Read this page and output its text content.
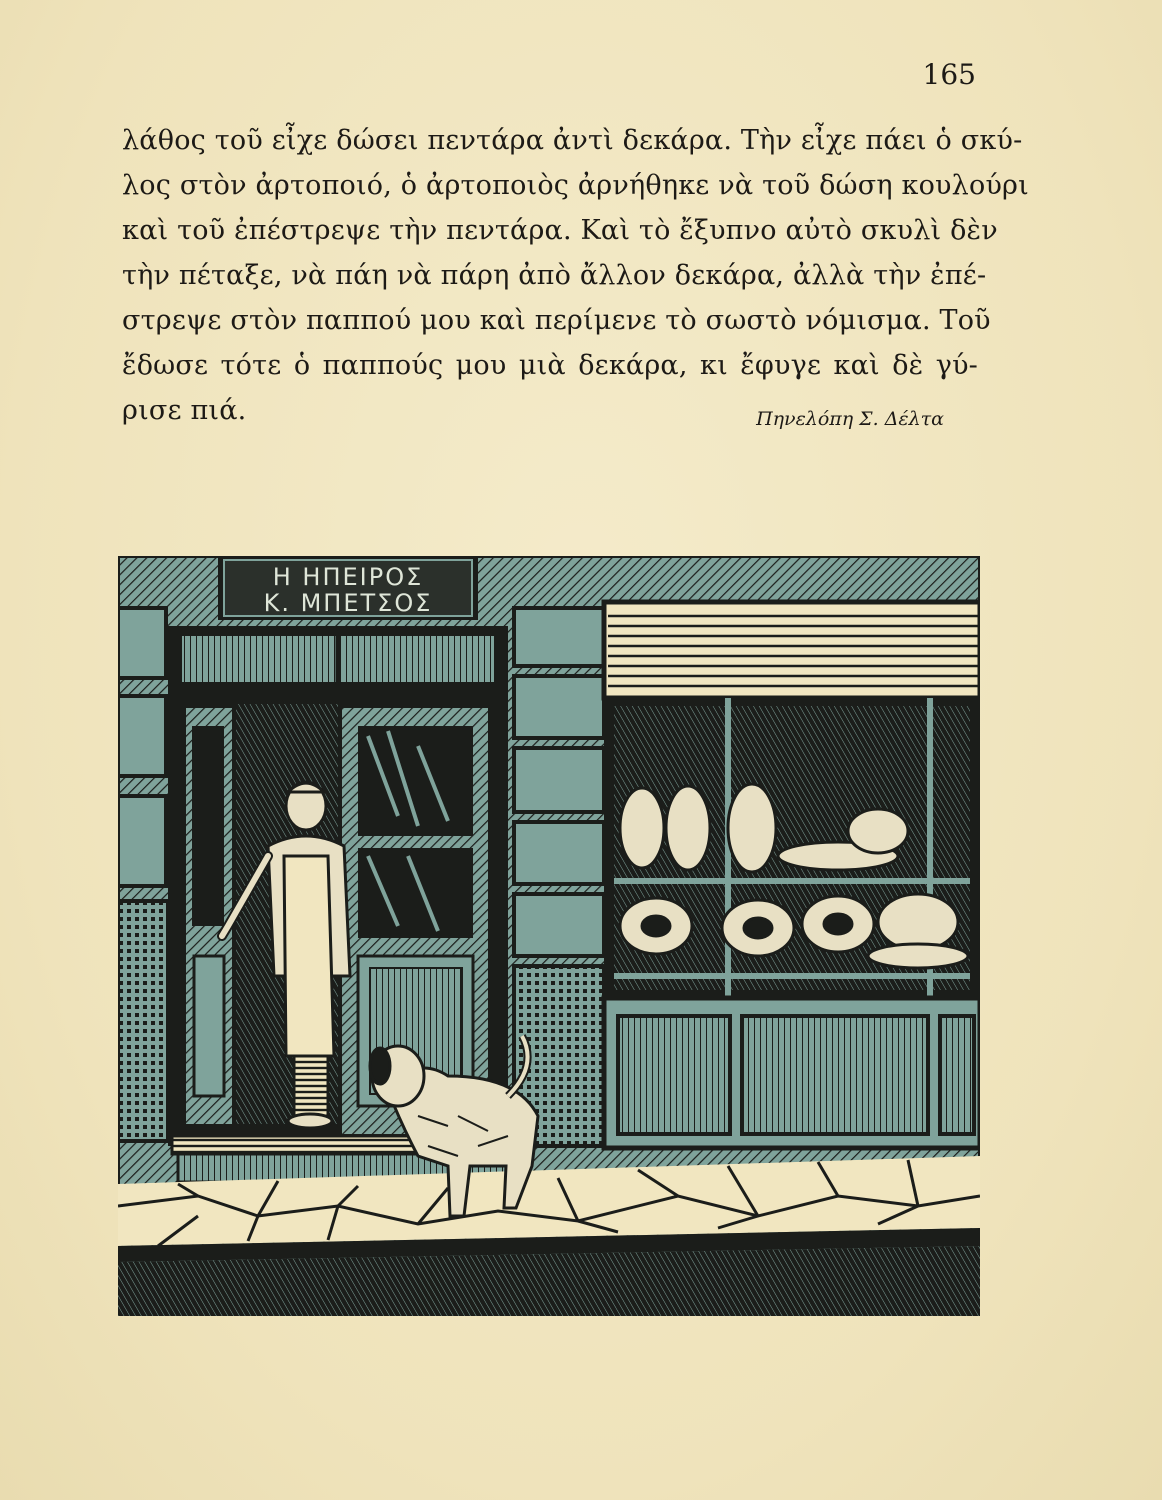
165
λάθος τοῦ εἶχε δώσει πεντάρα ἀντὶ δεκάρα. Τὴν εἶχε πάει ὁ σκύ-
λος στὸν ἀρτοποιό, ὁ ἀρτοποιὸς ἀρνήθηκε νὰ τοῦ δώση κουλούρι
καὶ τοῦ ἐπέστρεψε τὴν πεντάρα. Καὶ τὸ ἔξυπνο αὐτὸ σκυλὶ δὲν
τὴν πέταξε, νὰ πάη νὰ πάρη ἀπὸ ἄλλον δεκάρα, ἀλλὰ τὴν ἐπέ-
στρεψε στὸν παππού μου καὶ περίμενε τὸ σωστὸ νόμισμα. Τοῦ
ἔδωσε τότε ὁ παππούς μου μιὰ δεκάρα, κι ἔφυγε καὶ δὲ γύ-
ρισε πιά.	Πηνελόπη Σ. Δέλτα
Η ΗΠΕΙΡΟΣ
Κ. ΜΠΕΤΣΟΣ
